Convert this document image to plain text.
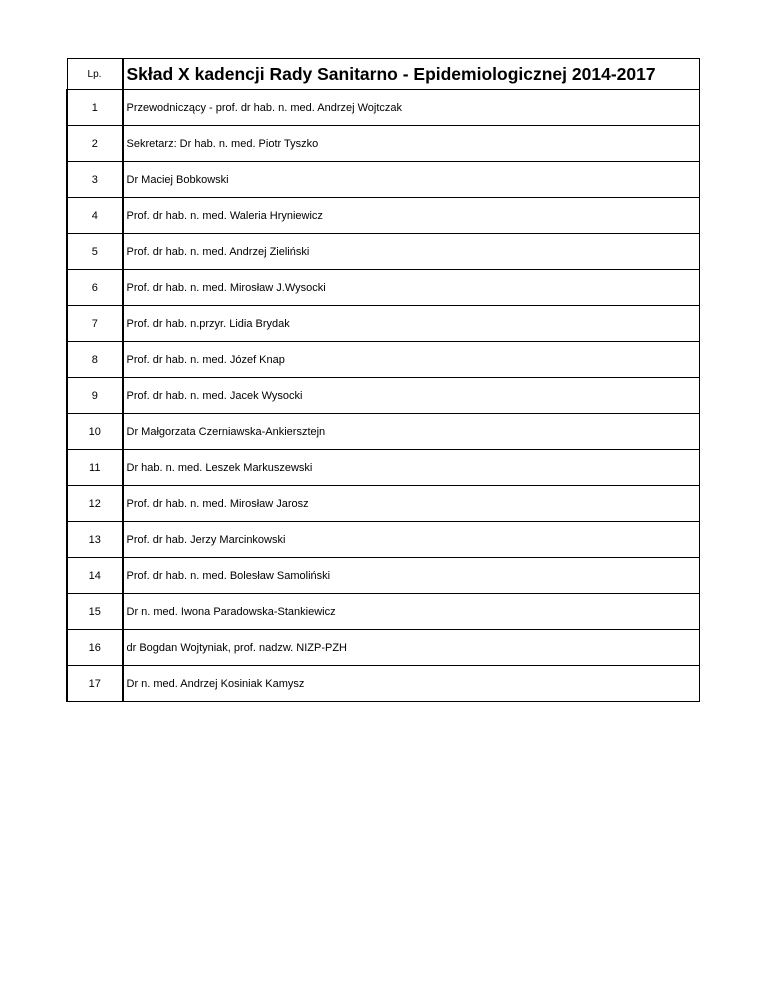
Lp.	Skład X kadencji Rady Sanitarno - Epidemiologicznej 2014-2017
1	Przewodniczący - prof. dr hab. n. med. Andrzej Wojtczak
2	Sekretarz: Dr hab. n. med. Piotr Tyszko
3	Dr Maciej Bobkowski
4	Prof. dr hab. n. med. Waleria Hryniewicz
5	Prof. dr hab. n. med. Andrzej Zieliński
6	Prof. dr hab. n. med. Mirosław J.Wysocki
7	Prof. dr hab. n.przyr. Lidia Brydak
8	Prof. dr hab. n. med. Józef Knap
9	Prof. dr hab. n. med. Jacek Wysocki
10	Dr Małgorzata Czerniawska-Ankiersztejn
11	Dr hab. n. med. Leszek Markuszewski
12	Prof. dr hab. n. med. Mirosław Jarosz
13	Prof. dr hab. Jerzy Marcinkowski
14	Prof. dr hab. n. med. Bolesław Samoliński
15	Dr n. med. Iwona Paradowska-Stankiewicz
16	dr Bogdan Wojtyniak, prof. nadzw. NIZP-PZH
17	Dr n. med. Andrzej Kosiniak Kamysz
